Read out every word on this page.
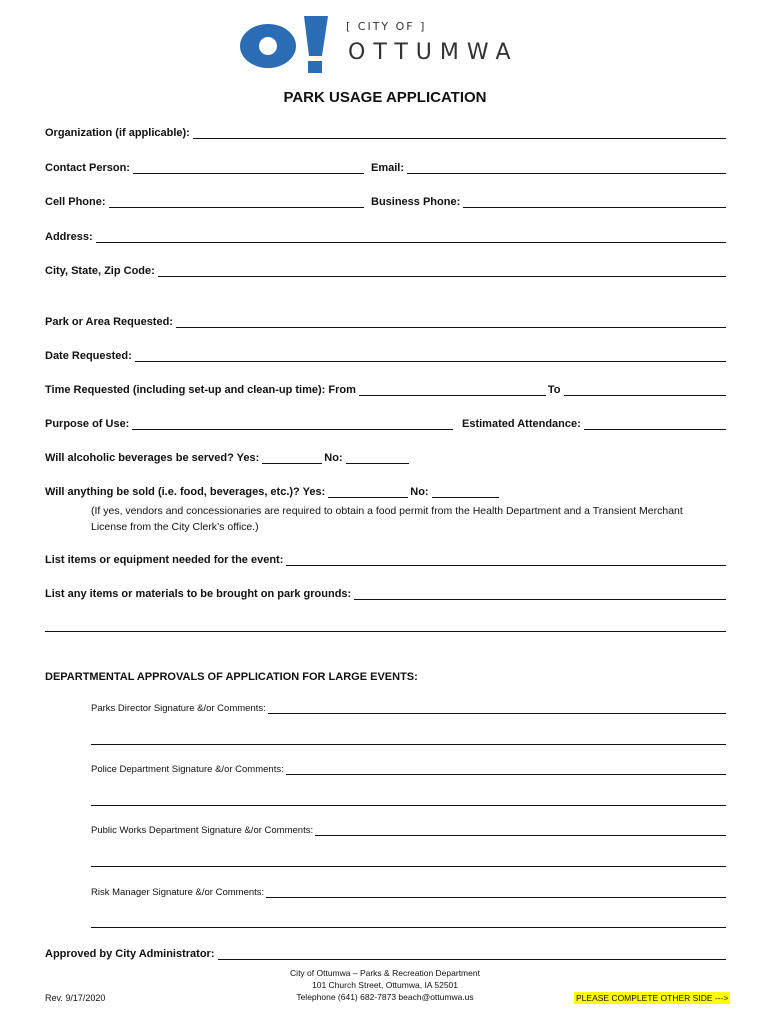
[ CITY OF ]
OTTUMWA
PARK USAGE APPLICATION
Organization (if applicable):
Contact Person:	Email:
Cell Phone:	Business Phone:
Address:
City, State, Zip Code:
Park or Area Requested:
Date Requested:
Time Requested (including set-up and clean-up time): From	To
Purpose of Use:	Estimated Attendance:
Will alcoholic beverages be served? Yes:	No:
Will anything be sold (i.e. food, beverages, etc.)? Yes:	No:
(If yes, vendors and concessionaries are required to obtain a food permit from the Health Department and a Transient Merchant License from the City Clerk’s office.)
List items or equipment needed for the event:
List any items or materials to be brought on park grounds:
DEPARTMENTAL APPROVALS OF APPLICATION FOR LARGE EVENTS:
Parks Director Signature &/or Comments:
Police Department Signature &/or Comments:
Public Works Department Signature &/or Comments:
Risk Manager Signature &/or Comments:
Approved by City Administrator:
City of Ottumwa – Parks & Recreation Department
101 Church Street, Ottumwa, IA 52501
Telephone (641) 682-7873 beach@ottumwa.us
Rev. 9/17/2020	PLEASE COMPLETE OTHER SIDE --->
